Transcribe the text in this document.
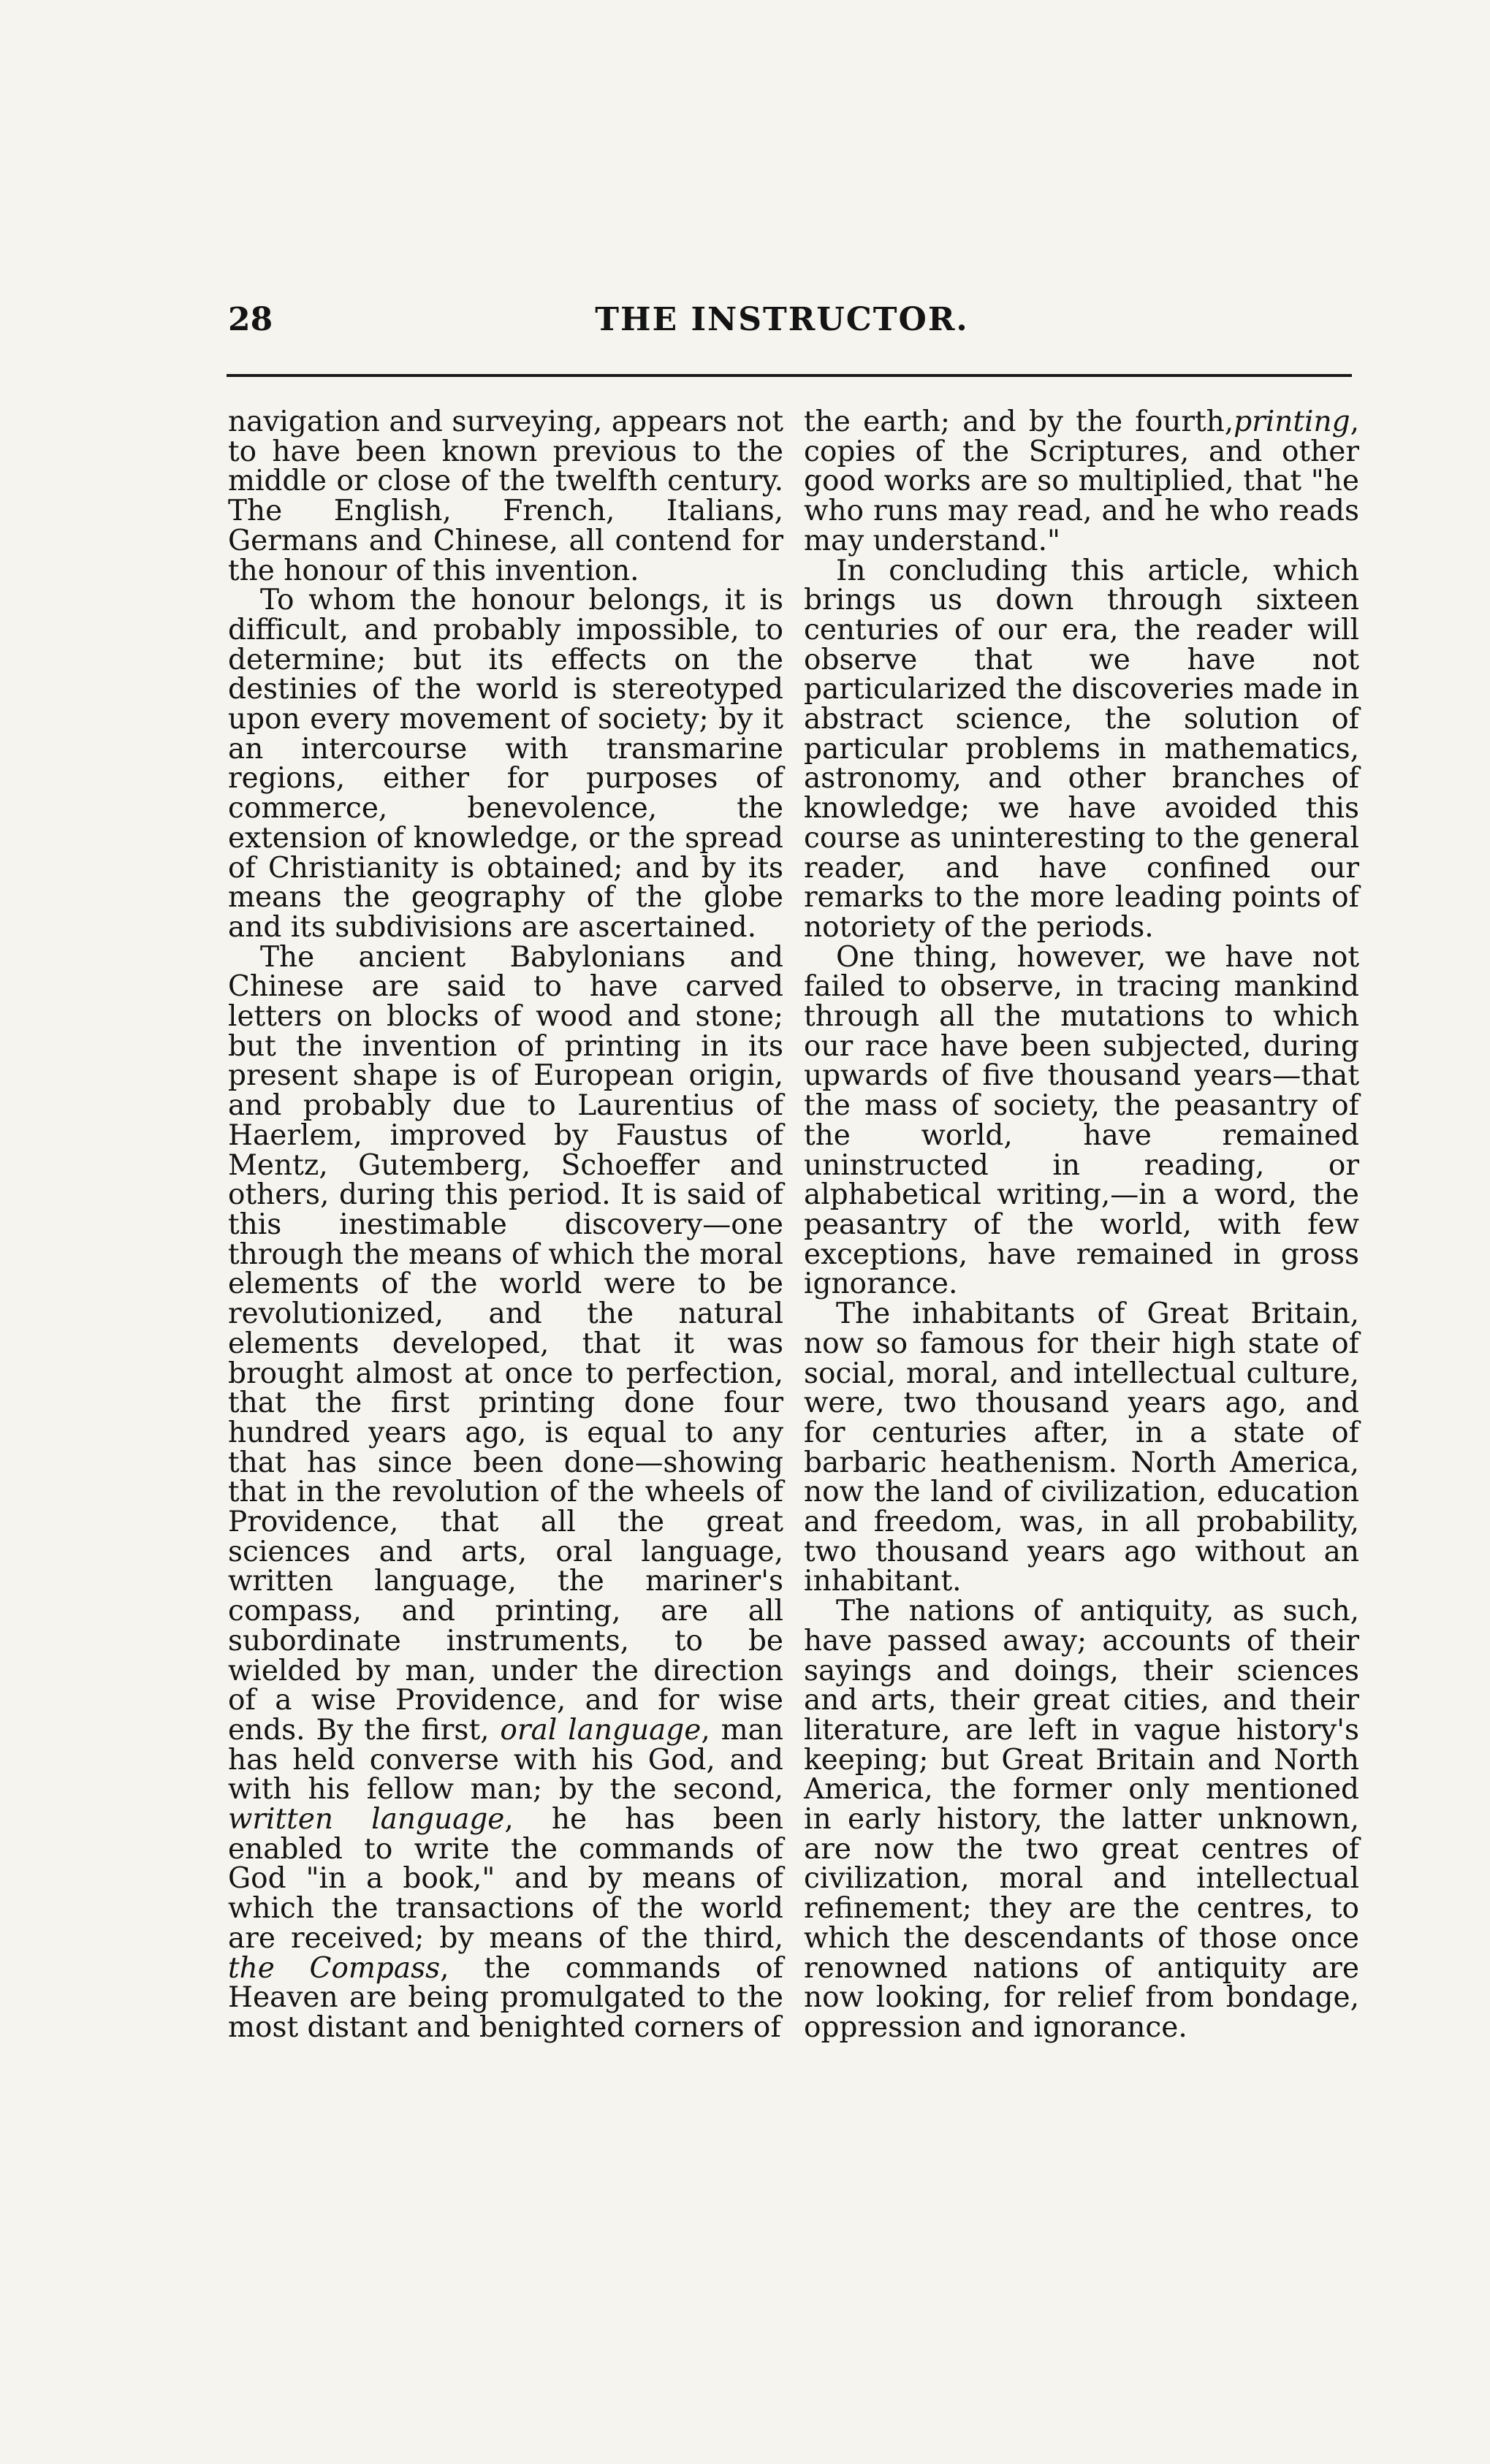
28	THE INSTRUCTOR.

navigation and surveying, appears not to have been known previous to the middle or close of the twelfth century. The English, French, Italians, Germans and Chinese, all contend for the honour of this invention.

To whom the honour belongs, it is difficult, and probably impossible, to determine; but its effects on the destinies of the world is stereotyped upon every movement of society; by it an intercourse with transmarine regions, either for purposes of commerce, benevolence, the extension of knowledge, or the spread of Christianity is obtained; and by its means the geography of the globe and its subdivisions are ascertained.

The ancient Babylonians and Chinese are said to have carved letters on blocks of wood and stone; but the invention of printing in its present shape is of European origin, and probably due to Laurentius of Haerlem, improved by Faustus of Mentz, Gutemberg, Schoeffer and others, during this period. It is said of this inestimable discovery—one through the means of which the moral elements of the world were to be revolutionized, and the natural elements developed, that it was brought almost at once to perfection, that the first printing done four hundred years ago, is equal to any that has since been done—showing that in the revolution of the wheels of Providence, that all the great sciences and arts, oral language, written language, the mariner's compass, and printing, are all subordinate instruments, to be wielded by man, under the direction of a wise Providence, and for wise ends. By the first, oral language, man has held converse with his God, and with his fellow man; by the second, written language, he has been enabled to write the commands of God "in a book," and by means of which the transactions of the world are received; by means of the third, the Compass, the commands of Heaven are being promulgated to the most distant and benighted corners of

the earth; and by the fourth,printing, copies of the Scriptures, and other good works are so multiplied, that "he who runs may read, and he who reads may understand."

In concluding this article, which brings us down through sixteen centuries of our era, the reader will observe that we have not particularized the discoveries made in abstract science, the solution of particular problems in mathematics, astronomy, and other branches of knowledge; we have avoided this course as uninteresting to the general reader, and have confined our remarks to the more leading points of notoriety of the periods.

One thing, however, we have not failed to observe, in tracing mankind through all the mutations to which our race have been subjected, during upwards of five thousand years—that the mass of society, the peasantry of the world, have remained uninstructed in reading, or alphabetical writing,—in a word, the peasantry of the world, with few exceptions, have remained in gross ignorance.

The inhabitants of Great Britain, now so famous for their high state of social, moral, and intellectual culture, were, two thousand years ago, and for centuries after, in a state of barbaric heathenism. North America, now the land of civilization, education and freedom, was, in all probability, two thousand years ago without an inhabitant.

The nations of antiquity, as such, have passed away; accounts of their sayings and doings, their sciences and arts, their great cities, and their literature, are left in vague history's keeping; but Great Britain and North America, the former only mentioned in early history, the latter unknown, are now the two great centres of civilization, moral and intellectual refinement; they are the centres, to which the descendants of those once renowned nations of antiquity are now looking, for relief from bondage, oppression and ignorance.
